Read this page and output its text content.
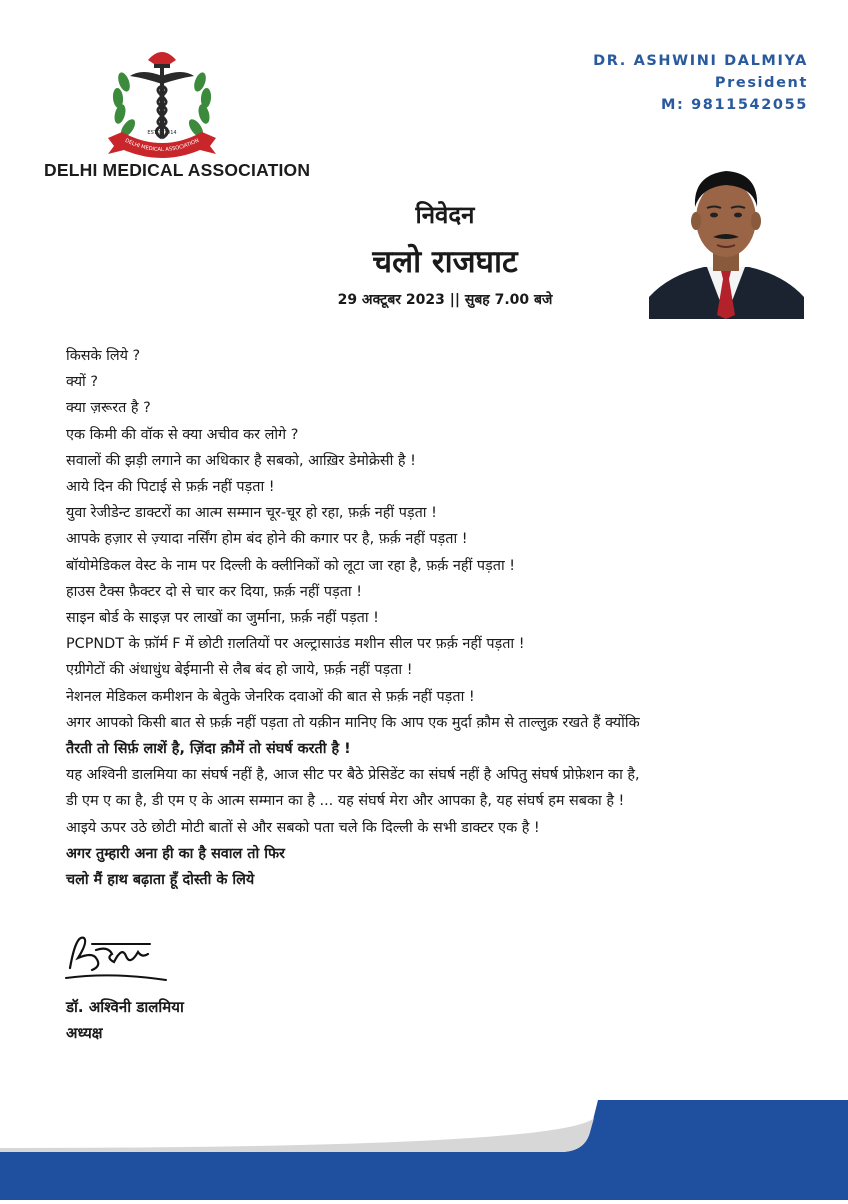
ESTD. 1914
DELHI MEDICAL ASSOCIATION
DELHI MEDICAL ASSOCIATION
DR. ASHWINI DALMIYA
President
M: 9811542055
निवेदन
चलो राजघाट
29 अक्टूबर 2023 || सुबह 7.00 बजे
किसके लिये ?
क्यों ?
क्या ज़रूरत है ?
एक किमी की वॉक से क्या अचीव कर लोगे ?
सवालों की झड़ी लगाने का अधिकार है सबको, आख़िर डेमोक्रेसी है !
आये दिन की पिटाई से फ़र्क़ नहीं पड़ता !
युवा रेजीडेन्ट डाक्टरों का आत्म सम्मान चूर-चूर हो रहा, फ़र्क़ नहीं पड़ता !
आपके हज़ार से ज़्यादा नर्सिंग होम बंद होने की कगार पर है, फ़र्क़ नहीं पड़ता !
बॉयोमेडिकल वेस्ट के नाम पर दिल्ली के क्लीनिकों को लूटा जा रहा है, फ़र्क़ नहीं पड़ता !
हाउस टैक्स फ़ैक्टर दो से चार कर दिया, फ़र्क़ नहीं पड़ता !
साइन बोर्ड के साइज़ पर लाखों का जुर्माना, फ़र्क़ नहीं पड़ता !
PCPNDT के फ़ॉर्म F में छोटी ग़लतियों पर अल्ट्रासाउंड मशीन सील पर फ़र्क़ नहीं पड़ता !
एग्रीगेटों की अंधाधुंध बेईमानी से लैब बंद हो जाये, फ़र्क़ नहीं पड़ता !
नेशनल मेडिकल कमीशन के बेतुके जेनरिक दवाओं की बात से फ़र्क़ नहीं पड़ता !
अगर आपको किसी बात से फ़र्क़ नहीं पड़ता तो यक़ीन मानिए कि आप एक मुर्दा क़ौम से ताल्लुक़ रखते हैं क्योंकि
तैरती तो सिर्फ़ लाशें है, ज़िंदा क़ौमें तो संघर्ष करती है !
यह अश्विनी डालमिया का संघर्ष नहीं है, आज सीट पर बैठे प्रेसिडेंट का संघर्ष नहीं है अपितु संघर्ष प्रोफ़ेशन का है,
डी एम ए का है, डी एम ए के आत्म सम्मान का है ... यह संघर्ष मेरा और आपका है, यह संघर्ष हम सबका है !
आइये ऊपर उठे छोटी मोटी बातों से और सबको पता चले कि दिल्ली के सभी डाक्टर एक है !
अगर तुम्हारी अना ही का है सवाल तो फिर
चलो मैं हाथ बढ़ाता हूँ दोस्ती के लिये
डॉ. अश्विनी डालमिया
अध्यक्ष
